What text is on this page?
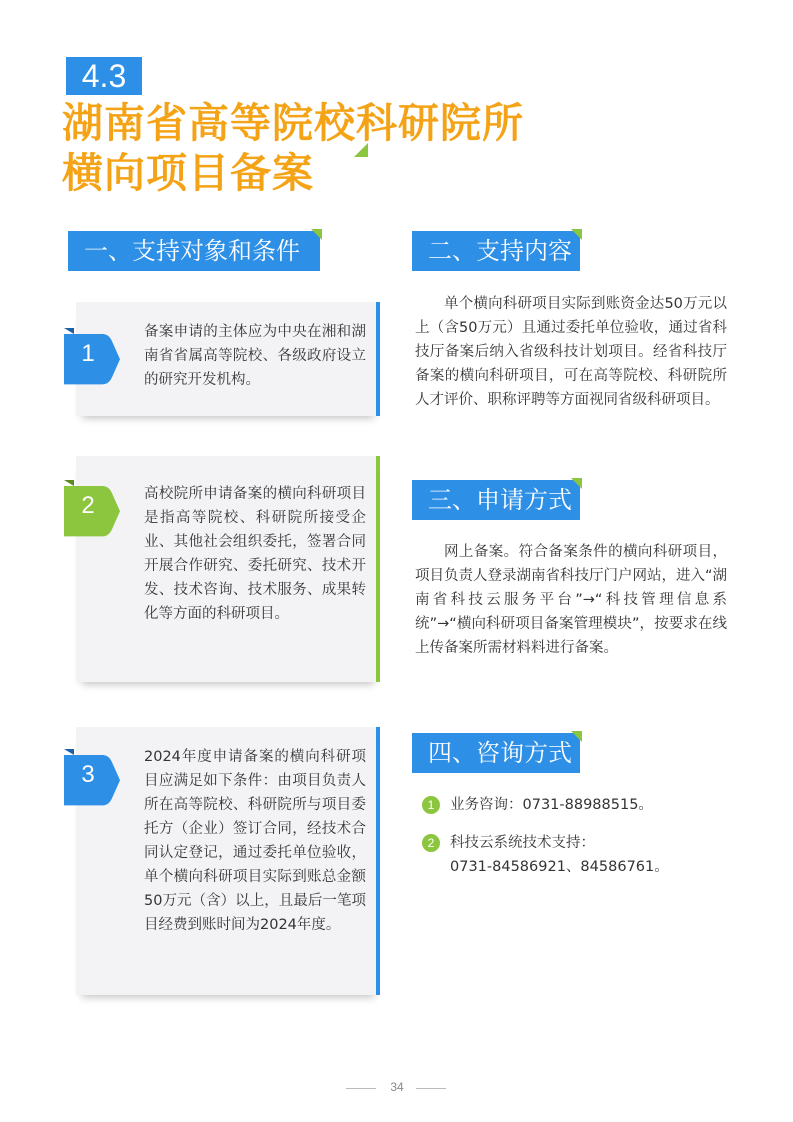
4.3
湖南省高等院校科研院所
横向项目备案
一、支持对象和条件
1
备案申请的主体应为中央在湘和湖南省省属高等院校、各级政府设立的研究开发机构。
2	高校院所申请备案的横向科研项目是指高等院校、科研院所接受企业、其他社会组织委托，签署合同开展合作研究、委托研究、技术开发、技术咨询、技术服务、成果转化等方面的科研项目。
3
2024年度申请备案的横向科研项目应满足如下条件：由项目负责人所在高等院校、科研院所与项目委托方（企业）签订合同，经技术合同认定登记，通过委托单位验收，单个横向科研项目实际到账总金额50万元（含）以上，且最后一笔项目经费到账时间为2024年度。
二、支持内容

单个横向科研项目实际到账资金达50万元以上（含50万元）且通过委托单位验收，通过省科技厅备案后纳入省级科技计划项目。经省科技厅备案的横向科研项目，可在高等院校、科研院所人才评价、职称评聘等方面视同省级科研项目。

三、申请方式

网上备案。符合备案条件的横向科研项目，项目负责人登录湖南省科技厅门户网站，进入“湖南省科技云服务平台”→“科技管理信息系统”→“横向科研项目备案管理模块”，按要求在线上传备案所需材料料进行备案。

四、咨询方式
1 业务咨询：0731-88988515。
2 科技云系统技术支持：
0731-84586921、84586761。
34
